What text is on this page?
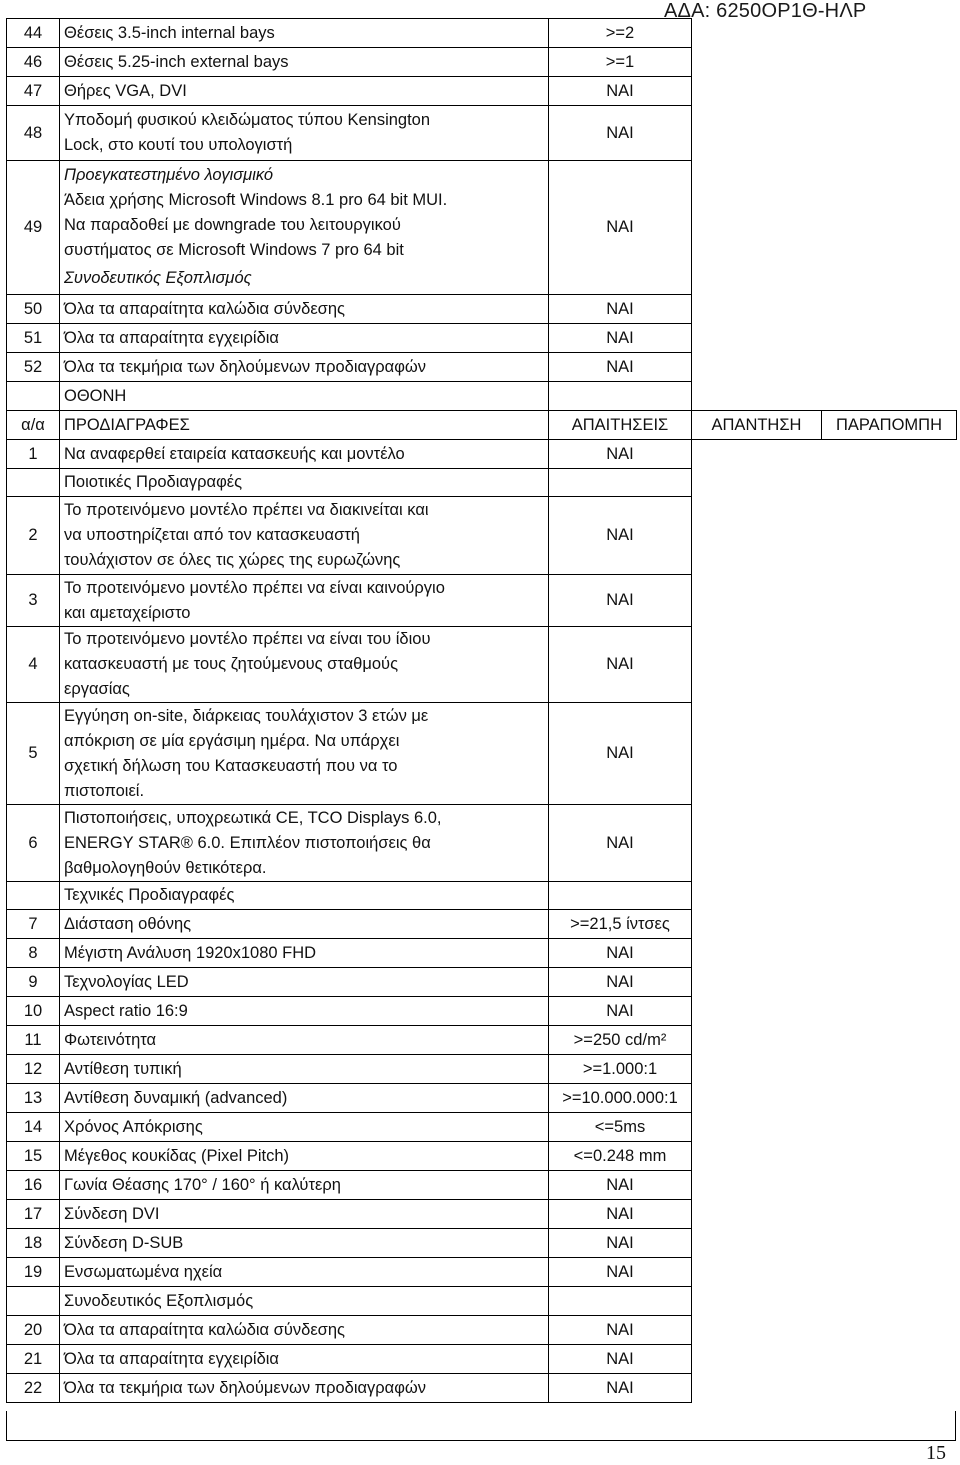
ΑΔΑ: 6250ΟΡ1Θ-ΗΛΡ
44	Θέσεις 3.5-inch internal bays	>=2		
46	Θέσεις 5.25-inch external bays	>=1		
47	Θήρες VGA, DVI	ΝΑΙ		
48	Υποδομή φυσικού κλειδώματος τύπου Kensington
Lock, στο κουτί του υπολογιστή	ΝΑΙ		
49	Προεγκατεστημένο λογισμικό
Άδεια χρήσης Microsoft Windows 8.1 pro 64 bit MUI.
Να παραδοθεί με downgrade του λειτουργικού
συστήματος σε Microsoft Windows 7 pro 64 bit
Συνοδευτικός Εξοπλισμός	ΝΑΙ		
50	Όλα τα απαραίτητα καλώδια σύνδεσης	ΝΑΙ		
51	Όλα τα απαραίτητα εγχειρίδια	ΝΑΙ		
52	Όλα τα τεκμήρια των δηλούμενων προδιαγραφών	ΝΑΙ		
	ΟΘΟΝΗ			
α/α	ΠΡΟΔΙΑΓΡΑΦΕΣ	ΑΠΑΙΤΗΣΕΙΣ	ΑΠΑΝΤΗΣΗ	ΠΑΡΑΠΟΜΠΗ
1	Να αναφερθεί εταιρεία κατασκευής και μοντέλο	ΝΑΙ		
	Ποιοτικές Προδιαγραφές			
2	Το προτεινόμενο μοντέλο πρέπει να διακινείται και
να υποστηρίζεται από τον κατασκευαστή
τουλάχιστον σε όλες τις χώρες της ευρωζώνης	ΝΑΙ		
3	Το προτεινόμενο μοντέλο πρέπει να είναι καινούργιο
και αμεταχείριστο	ΝΑΙ		
4	Το προτεινόμενο μοντέλο πρέπει να είναι του ίδιου
κατασκευαστή με τους ζητούμενους σταθμούς
εργασίας	ΝΑΙ		
5	Εγγύηση on-site, διάρκειας τουλάχιστον 3 ετών με
απόκριση σε μία εργάσιμη ημέρα. Να υπάρχει
σχετική δήλωση του Κατασκευαστή που να το
πιστοποιεί.	ΝΑΙ		
6	Πιστοποιήσεις, υποχρεωτικά CE, TCO Displays 6.0,
ENERGY STAR® 6.0. Επιπλέον πιστοποιήσεις θα
βαθμολογηθούν θετικότερα.	ΝΑΙ		
	Τεχνικές Προδιαγραφές			
7	Διάσταση οθόνης	>=21,5 ίντσες		
8	Μέγιστη Ανάλυση 1920x1080 FHD	ΝΑΙ		
9	Τεχνολογίας LED	ΝΑΙ		
10	Aspect ratio 16:9	ΝΑΙ		
11	Φωτεινότητα	>=250 cd/m²		
12	Αντίθεση τυπική	>=1.000:1		
13	Αντίθεση δυναμική (advanced)	>=10.000.000:1		
14	Χρόνος Απόκρισης	<=5ms		
15	Μέγεθος κουκίδας (Pixel Pitch)	<=0.248 mm		
16	Γωνία Θέασης 170° / 160° ή καλύτερη	ΝΑΙ		
17	Σύνδεση DVI	ΝΑΙ		
18	Σύνδεση D-SUB	ΝΑΙ		
19	Ενσωματωμένα ηχεία	ΝΑΙ		
	Συνοδευτικός Εξοπλισμός			
20	Όλα τα απαραίτητα καλώδια σύνδεσης	ΝΑΙ		
21	Όλα τα απαραίτητα εγχειρίδια	ΝΑΙ		
22	Όλα τα τεκμήρια των δηλούμενων προδιαγραφών	ΝΑΙ		
15
